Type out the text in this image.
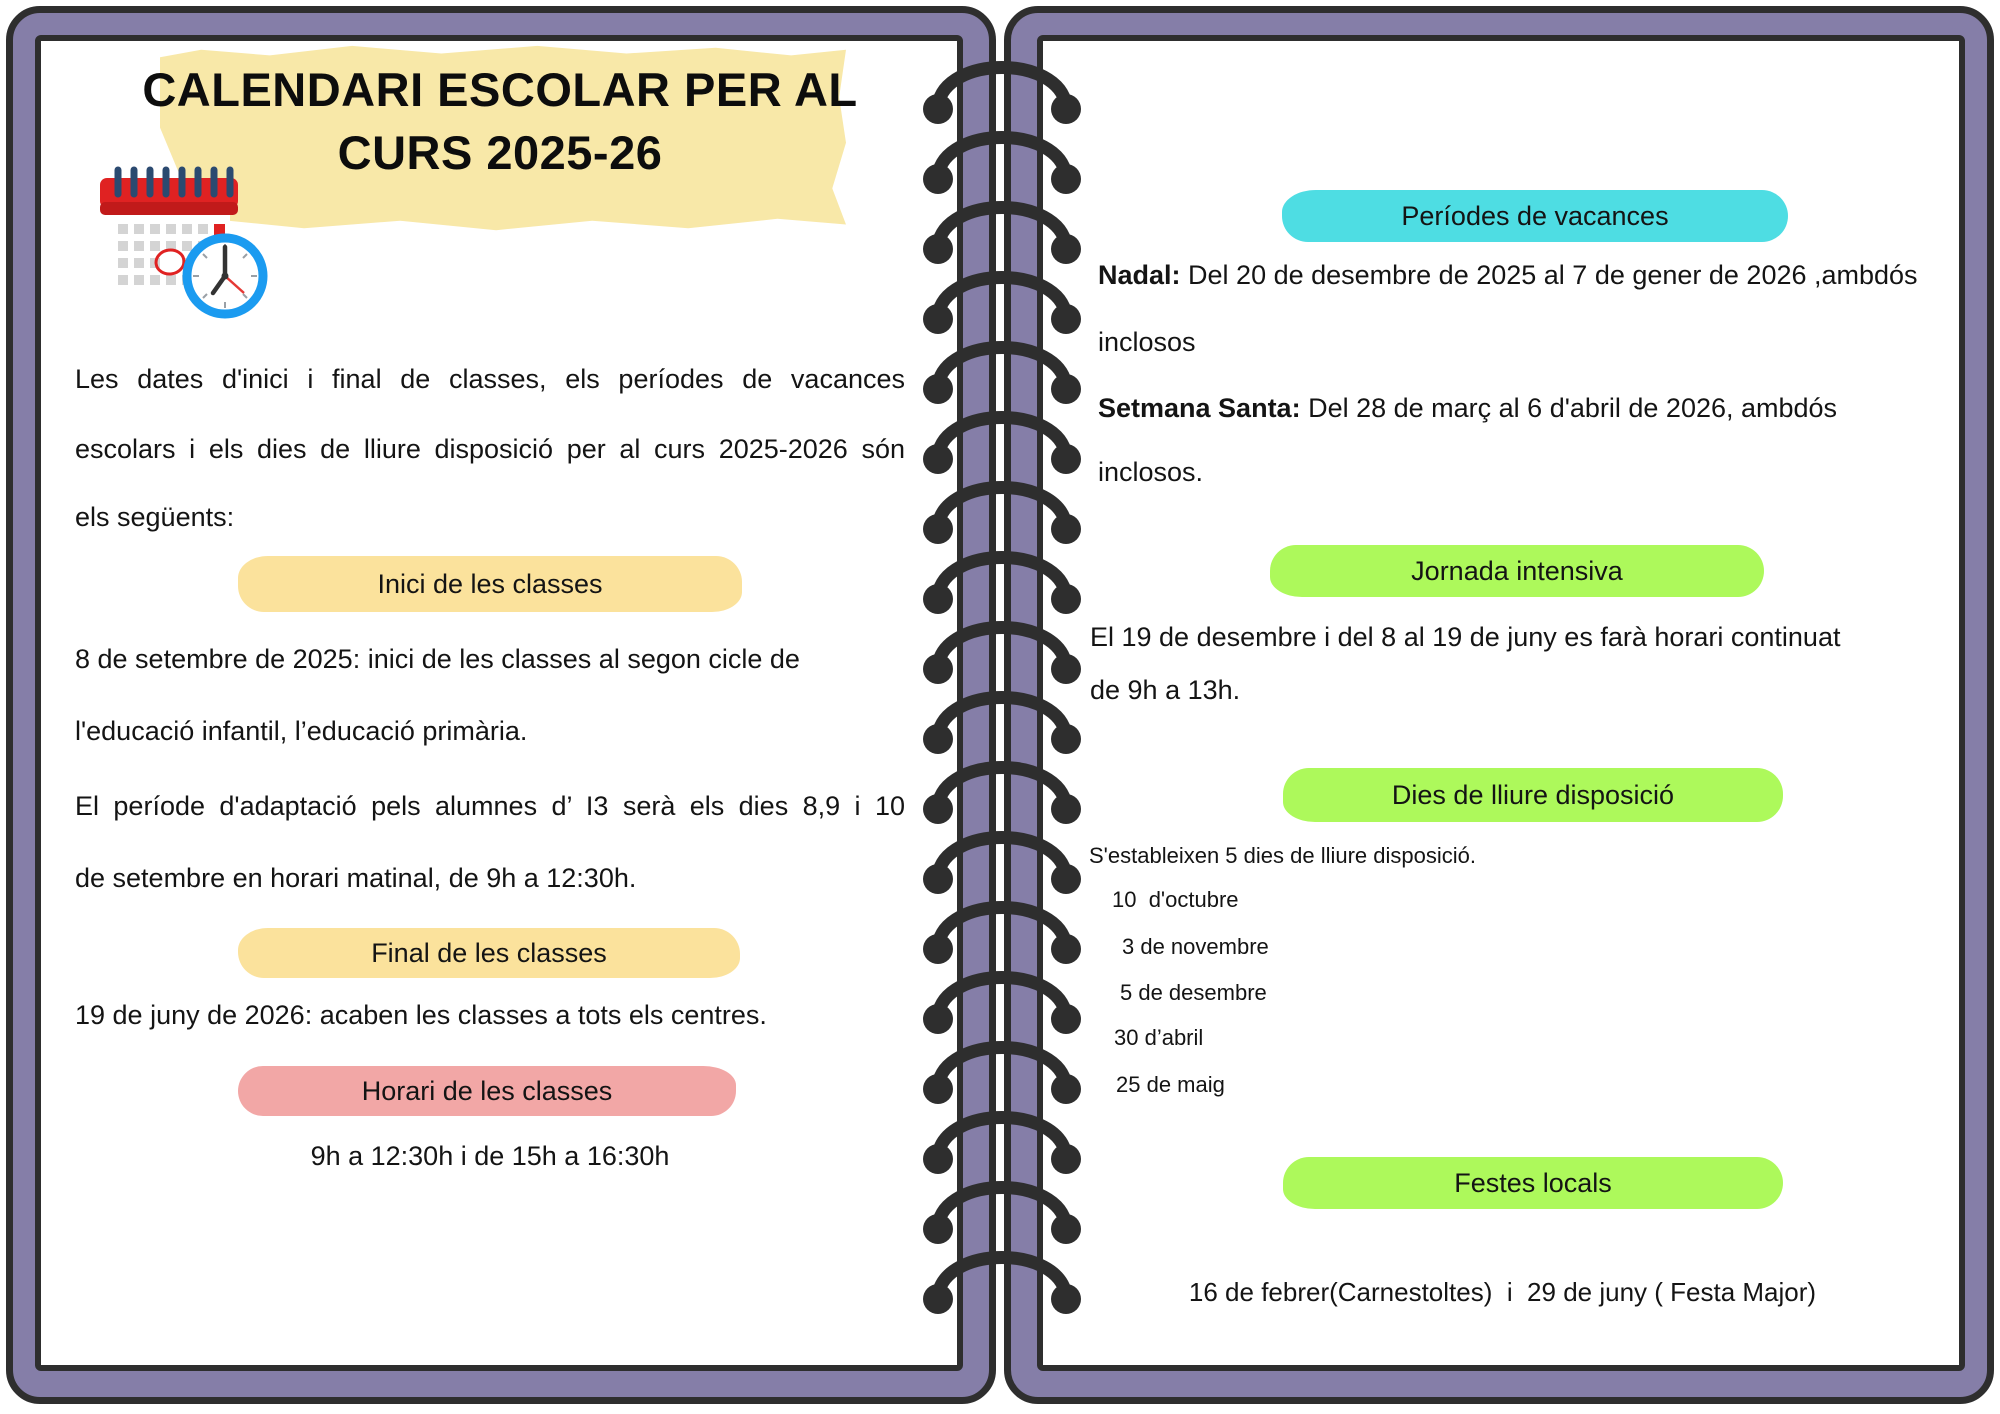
CALENDARI ESCOLAR PER AL
CURS 2025-26
Les dates d'inici i final de classes, els períodes de vacances
escolars i els dies de lliure disposició per al curs 2025-2026 són
els següents:
Inici de les classes
8 de setembre de 2025: inici de les classes al segon cicle de
l'educació infantil, l’educació primària.
El període d'adaptació pels alumnes d’ I3 serà els dies 8,9 i 10
de setembre en horari matinal, de 9h a 12:30h.
Final de les classes
19 de juny de 2026: acaben les classes a tots els centres.
Horari de les classes
9h a 12:30h i de 15h a 16:30h
Períodes de vacances
Nadal: Del 20 de desembre de 2025 al 7 de gener de 2026 ,ambdós
inclosos
Setmana Santa: Del 28 de març al 6 d'abril de 2026, ambdós
inclosos.
Jornada intensiva
El 19 de desembre i del 8 al 19 de juny es farà horari continuat
de 9h a 13h.
Dies de lliure disposició
S'estableixen 5 dies de lliure disposició.
10  d'octubre
3 de novembre
5 de desembre
30 d’abril
25 de maig
Festes locals
16 de febrer(Carnestoltes)  i  29 de juny ( Festa Major)
